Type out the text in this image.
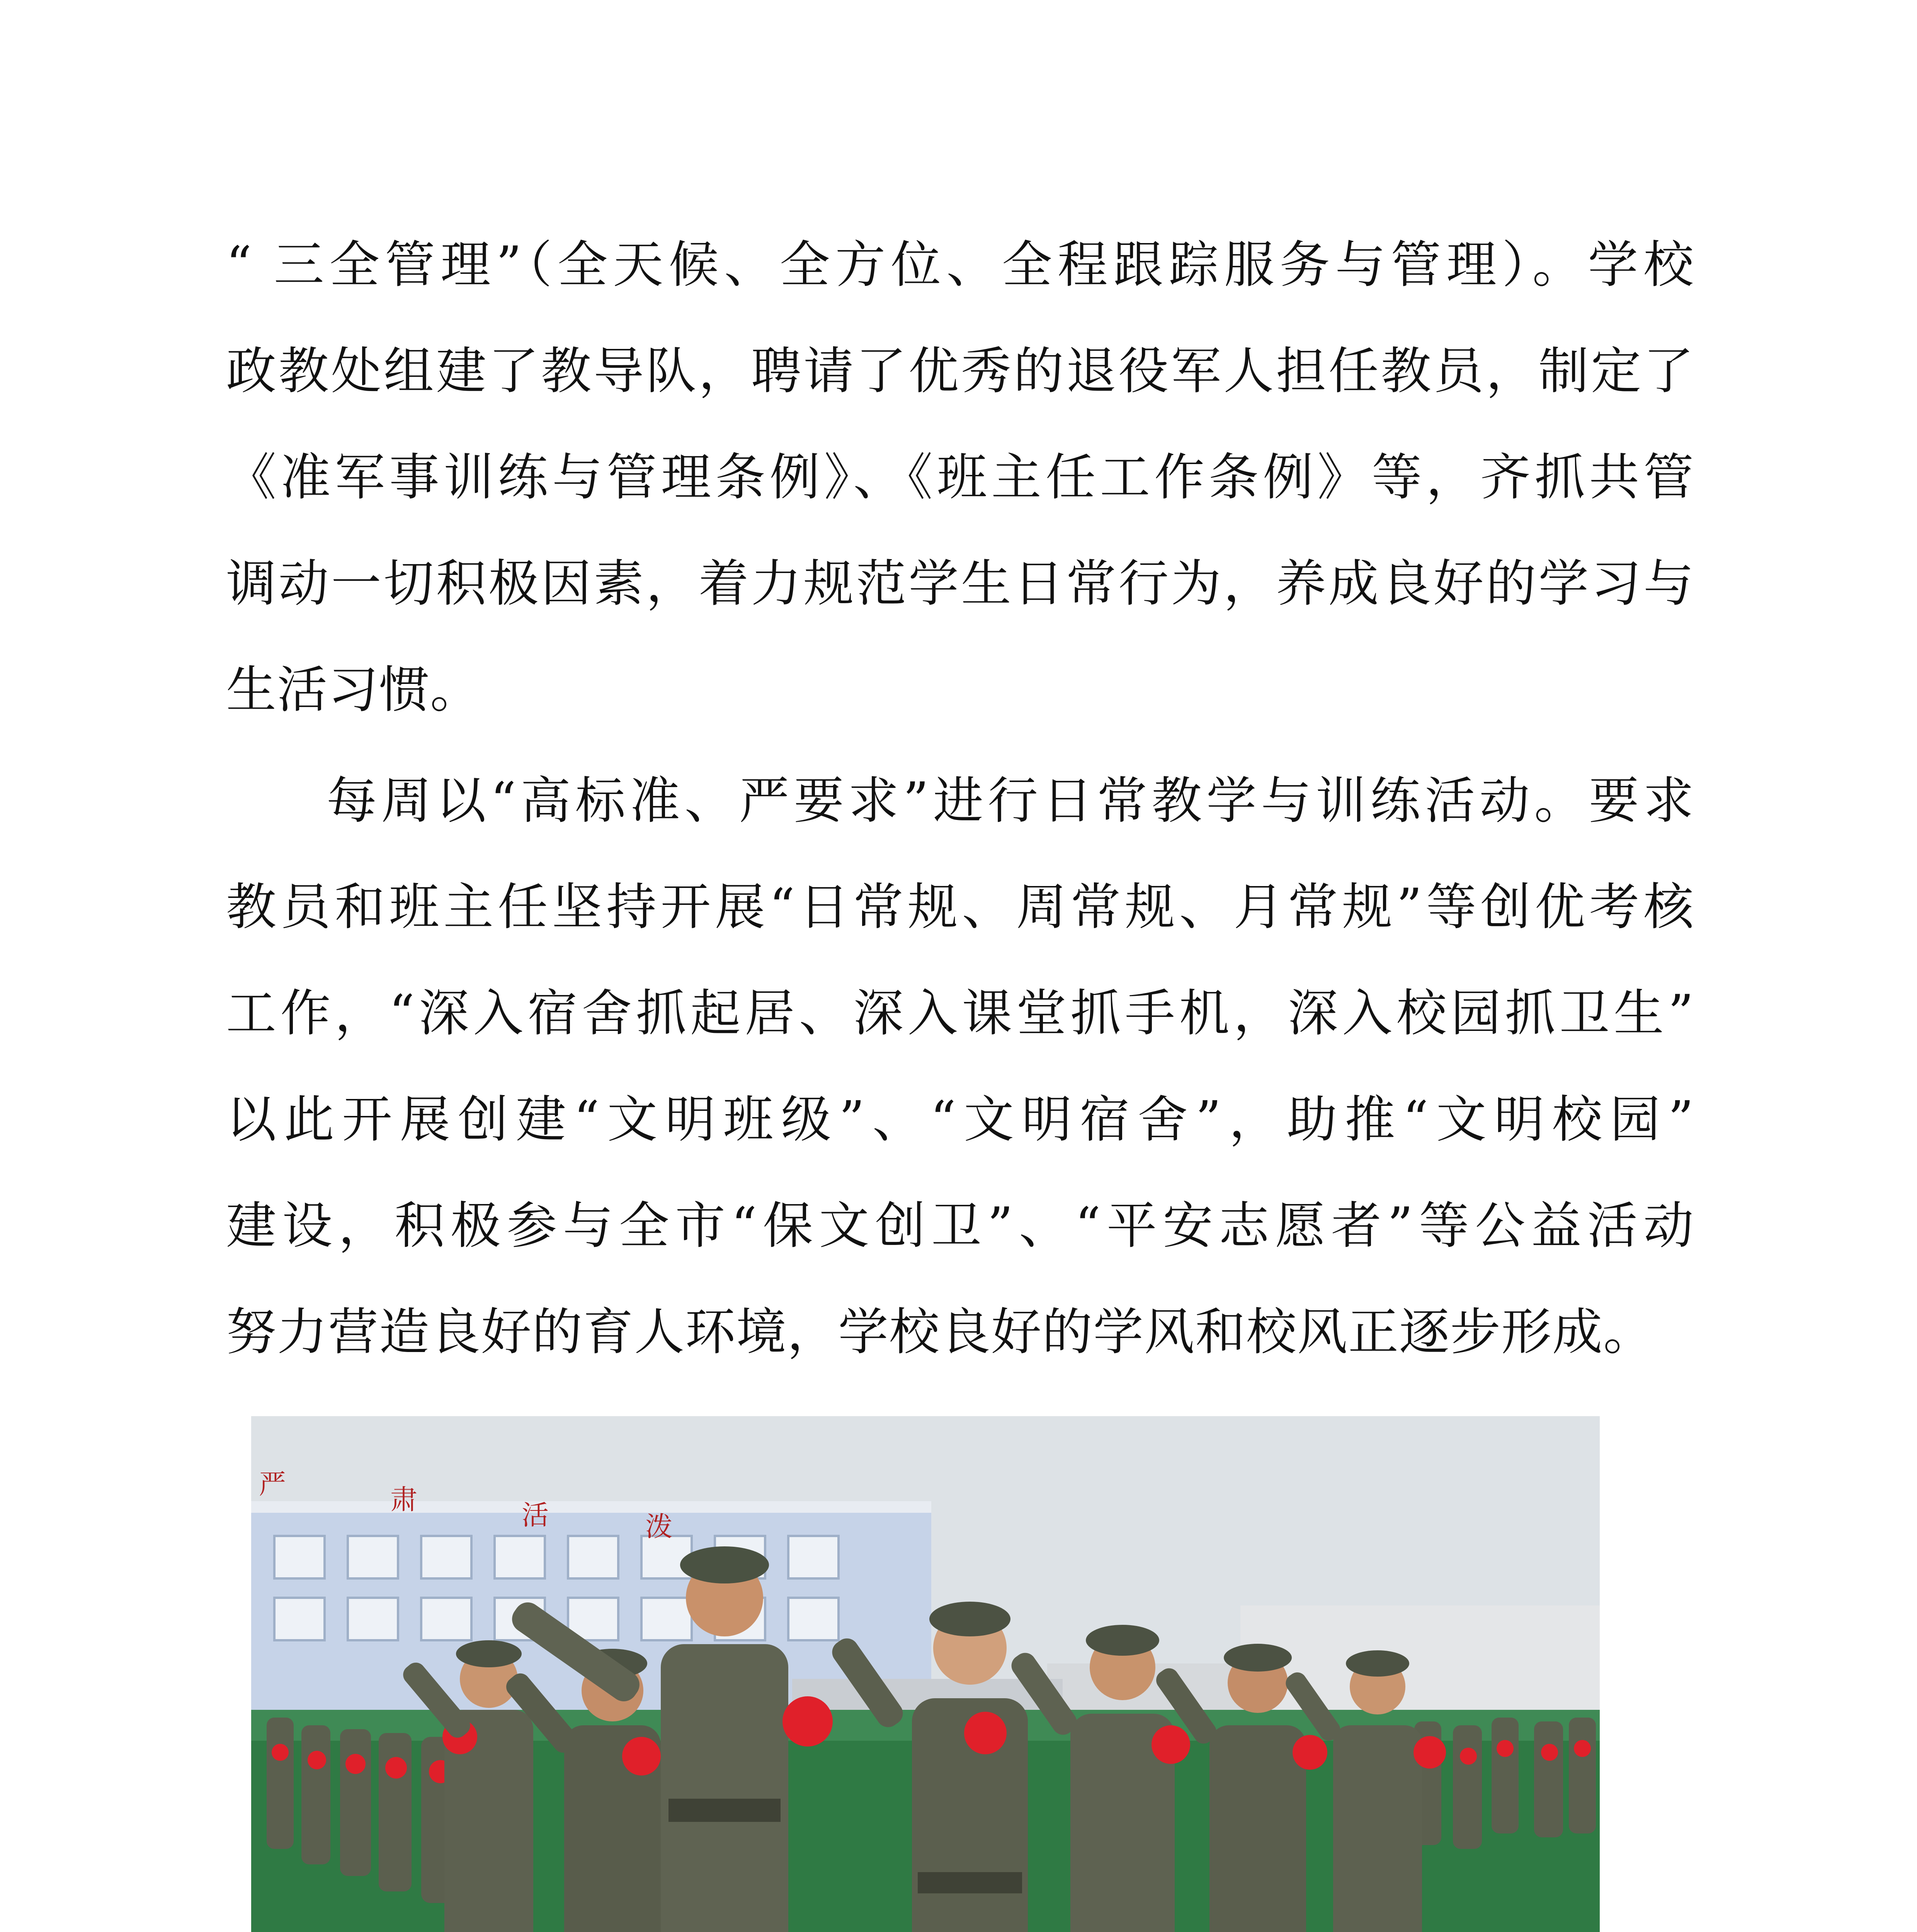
“ 三全管理”（全天候、全方位、全程跟踪服务与管理）。学校
政教处组建了教导队，聘请了优秀的退役军人担任教员，制定了
《准军事训练与管理条例》、《班主任工作条例》等，齐抓共管
调动一切积极因素，着力规范学生日常行为，养成良好的学习与
生活习惯。
每周以“高标准、严要求”进行日常教学与训练活动。要求
教员和班主任坚持开展“日常规、周常规、月常规”等创优考核
工作，“深入宿舍抓起居、深入课堂抓手机，深入校园抓卫生”
以此开展创建“文明班级”、“文明宿舍”，助推“文明校园”
建设，积极参与全市“保文创卫”、“平安志愿者”等公益活动
努力营造良好的育人环境，学校良好的学风和校风正逐步形成。
严	肃	活	泼
